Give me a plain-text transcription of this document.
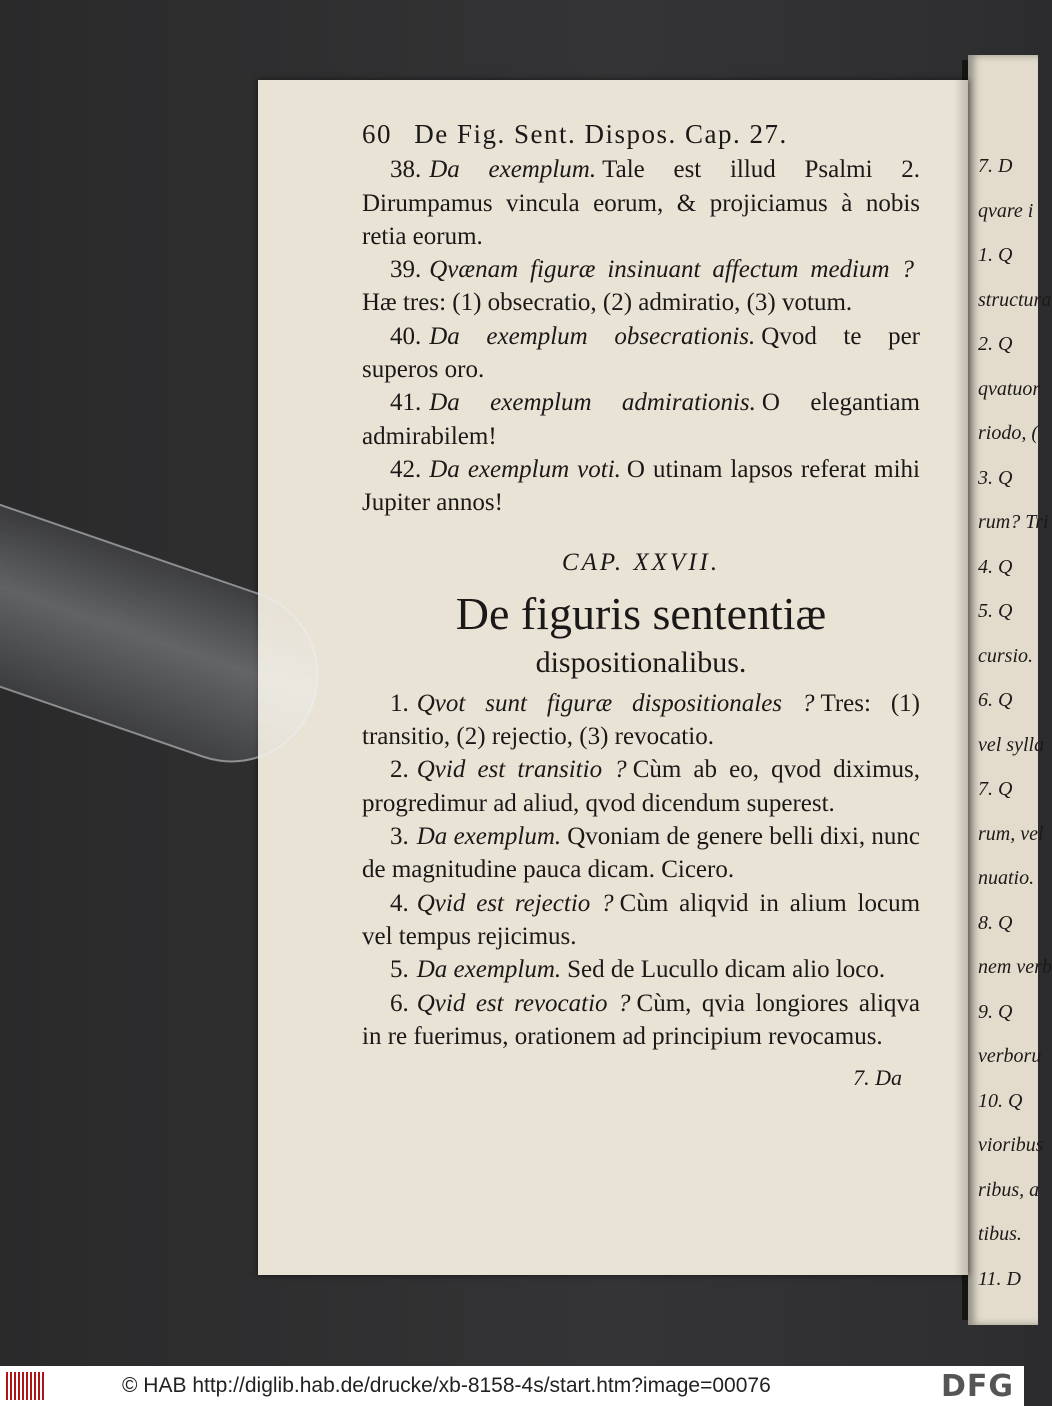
7. D
qvare i
1. Q
structura
2. Q
qvatuor
riodo, (
3. Q
rum? Tri
4. Q
5. Q
cursio.
6. Q
vel sylla
7. Q
rum, vel
nuatio.
8. Q
nem verb
9. Q
verboru
10. Q
vioribus
ribus, a
tibus.
11. D
60 De Fig. Sent. Dispos. Cap. 27.
38. Da exemplum. Tale est illud Psalmi 2. Dirumpamus vincula eorum, & projiciamus à nobis retia eorum.
39. Qvænam figuræ insinuant affectum medium ?Hæ tres: (1) obsecratio, (2) admiratio, (3) votum.
40. Da exemplum obsecrationis. Qvod te per superos oro.
41. Da exemplum admirationis. O elegantiam admirabilem!
42. Da exemplum voti. O utinam lapsos referat mihi Jupiter annos!
CAP. XXVII.
De figuris sententiæ
dispositionalibus.
1. Qvot sunt figuræ dispositionales ? Tres: (1) transitio, (2) rejectio, (3) revocatio.
2. Qvid est transitio ? Cùm ab eo, qvod diximus, progredimur ad aliud, qvod dicendum superest.
3. Da exemplum. Qvoniam de genere belli dixi, nunc de magnitudine pauca dicam. Cicero.
4. Qvid est rejectio ? Cùm aliqvid in alium locum vel tempus rejicimus.
5. Da exemplum. Sed de Lucullo dicam alio loco.
6. Qvid est revocatio ? Cùm, qvia longiores aliqva in re fuerimus, orationem ad principium revocamus.
7. Da
© HAB http://diglib.hab.de/drucke/xb-8158-4s/start.htm?image=00076	DFG
